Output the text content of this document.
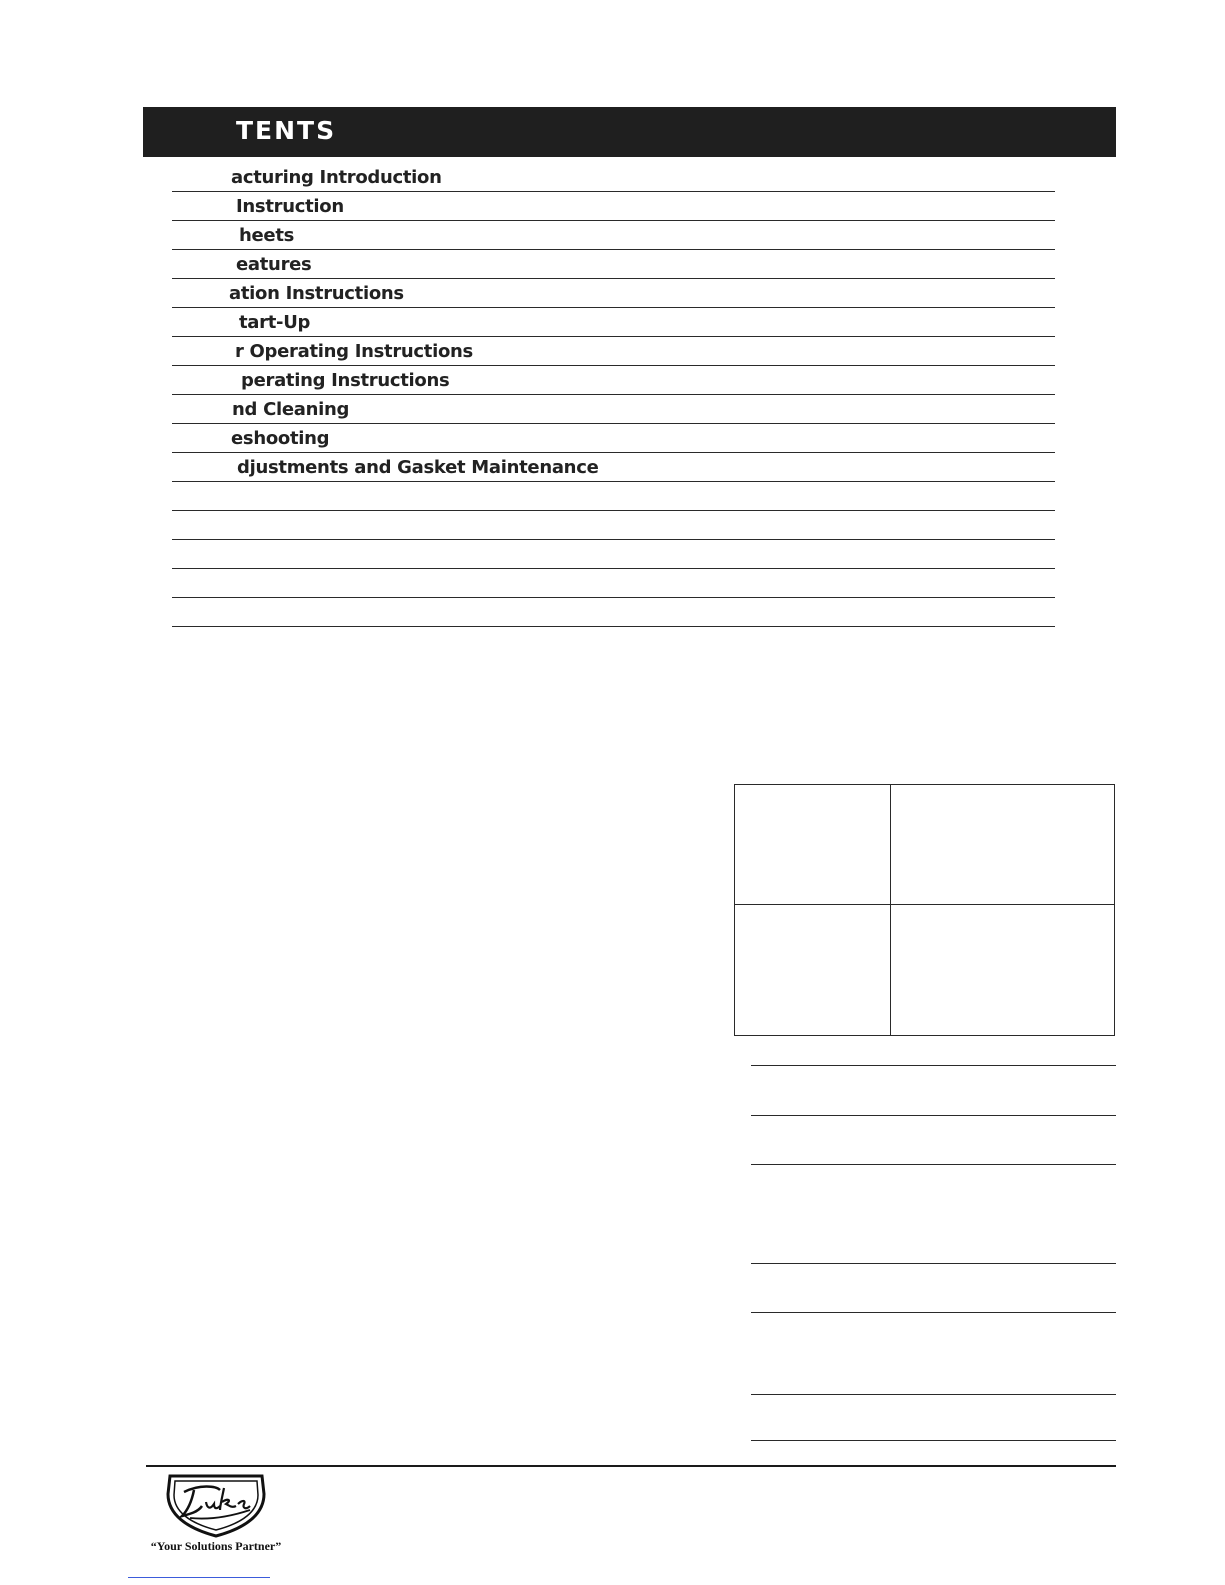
TENTS
acturing Introduction
Instruction
heets
eatures
ation Instructions
tart-Up
r Operating Instructions
perating Instructions
nd Cleaning
eshooting
djustments and Gasket Maintenance
“Your Solutions Partner”
